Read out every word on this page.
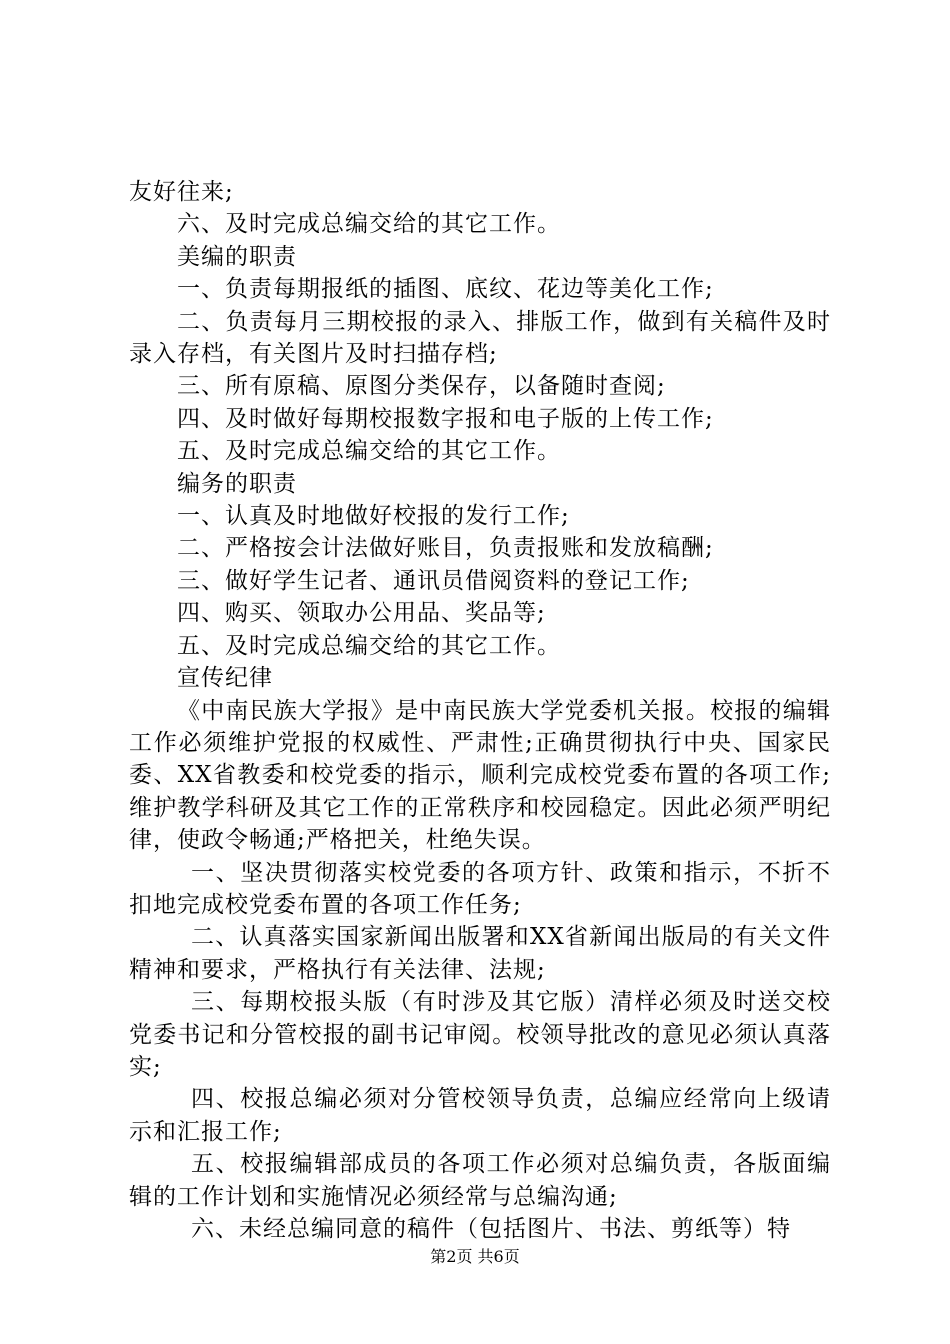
友好往来;

六、及时完成总编交给的其它工作。

美编的职责

一、负责每期报纸的插图、底纹、花边等美化工作;

二、负责每月三期校报的录入、排版工作，做到有关稿件及时录入存档，有关图片及时扫描存档;

三、所有原稿、原图分类保存，以备随时查阅;

四、及时做好每期校报数字报和电子版的上传工作;

五、及时完成总编交给的其它工作。

编务的职责

一、认真及时地做好校报的发行工作;

二、严格按会计法做好账目，负责报账和发放稿酬;

三、做好学生记者、通讯员借阅资料的登记工作;

四、购买、领取办公用品、奖品等;

五、及时完成总编交给的其它工作。

宣传纪律

《中南民族大学报》是中南民族大学党委机关报。校报的编辑工作必须维护党报的权威性、严肃性;正确贯彻执行中央、国家民委、XX省教委和校党委的指示，顺利完成校党委布置的各项工作;维护教学科研及其它工作的正常秩序和校园稳定。因此必须严明纪律，使政令畅通;严格把关，杜绝失误。

一、坚决贯彻落实校党委的各项方针、政策和指示，不折不扣地完成校党委布置的各项工作任务;

二、认真落实国家新闻出版署和XX省新闻出版局的有关文件精神和要求，严格执行有关法律、法规;

三、每期校报头版（有时涉及其它版）清样必须及时送交校党委书记和分管校报的副书记审阅。校领导批改的意见必须认真落实;

四、校报总编必须对分管校领导负责，总编应经常向上级请示和汇报工作;

五、校报编辑部成员的各项工作必须对总编负责，各版面编辑的工作计划和实施情况必须经常与总编沟通;

六、未经总编同意的稿件（包括图片、书法、剪纸等）特

第2页 共6页
